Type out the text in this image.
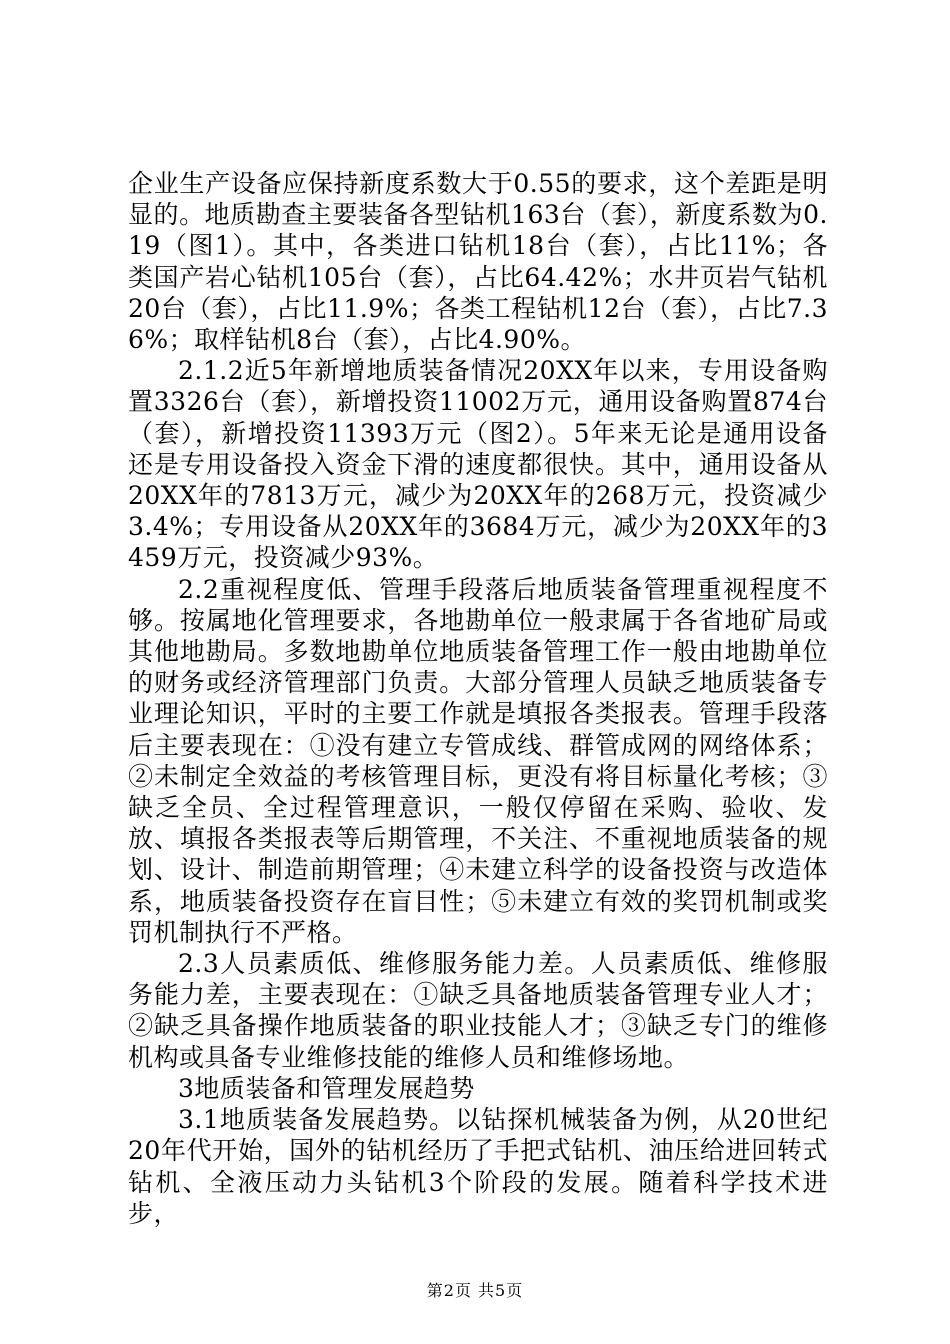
企业生产设备应保持新度系数大于0.55的要求，这个差距是明显的。地质勘查主要装备各型钻机163台（套），新度系数为0.19（图1）。其中，各类进口钻机18台（套），占比11%；各类国产岩心钻机105台（套），占比64.42%；水井页岩气钻机20台（套），占比11.9%；各类工程钻机12台（套），占比7.36%；取样钻机8台（套），占比4.90%。

2.1.2近5年新增地质装备情况20XX年以来，专用设备购置3326台（套），新增投资11002万元，通用设备购置874台（套），新增投资11393万元（图2）。5年来无论是通用设备还是专用设备投入资金下滑的速度都很快。其中，通用设备从20XX年的7813万元，减少为20XX年的268万元，投资减少3.4%；专用设备从20XX年的3684万元，减少为20XX年的3459万元，投资减少93%。

2.2重视程度低、管理手段落后地质装备管理重视程度不够。按属地化管理要求，各地勘单位一般隶属于各省地矿局或其他地勘局。多数地勘单位地质装备管理工作一般由地勘单位的财务或经济管理部门负责。大部分管理人员缺乏地质装备专业理论知识，平时的主要工作就是填报各类报表。管理手段落后主要表现在：①没有建立专管成线、群管成网的网络体系；②未制定全效益的考核管理目标，更没有将目标量化考核；③缺乏全员、全过程管理意识，一般仅停留在采购、验收、发放、填报各类报表等后期管理，不关注、不重视地质装备的规划、设计、制造前期管理；④未建立科学的设备投资与改造体系，地质装备投资存在盲目性；⑤未建立有效的奖罚机制或奖罚机制执行不严格。

2.3人员素质低、维修服务能力差。人员素质低、维修服务能力差，主要表现在：①缺乏具备地质装备管理专业人才；②缺乏具备操作地质装备的职业技能人才；③缺乏专门的维修机构或具备专业维修技能的维修人员和维修场地。

3地质装备和管理发展趋势

3.1地质装备发展趋势。以钻探机械装备为例，从20世纪20年代开始，国外的钻机经历了手把式钻机、油压给进回转式钻机、全液压动力头钻机3个阶段的发展。随着科学技术进步，

第2页 共5页
